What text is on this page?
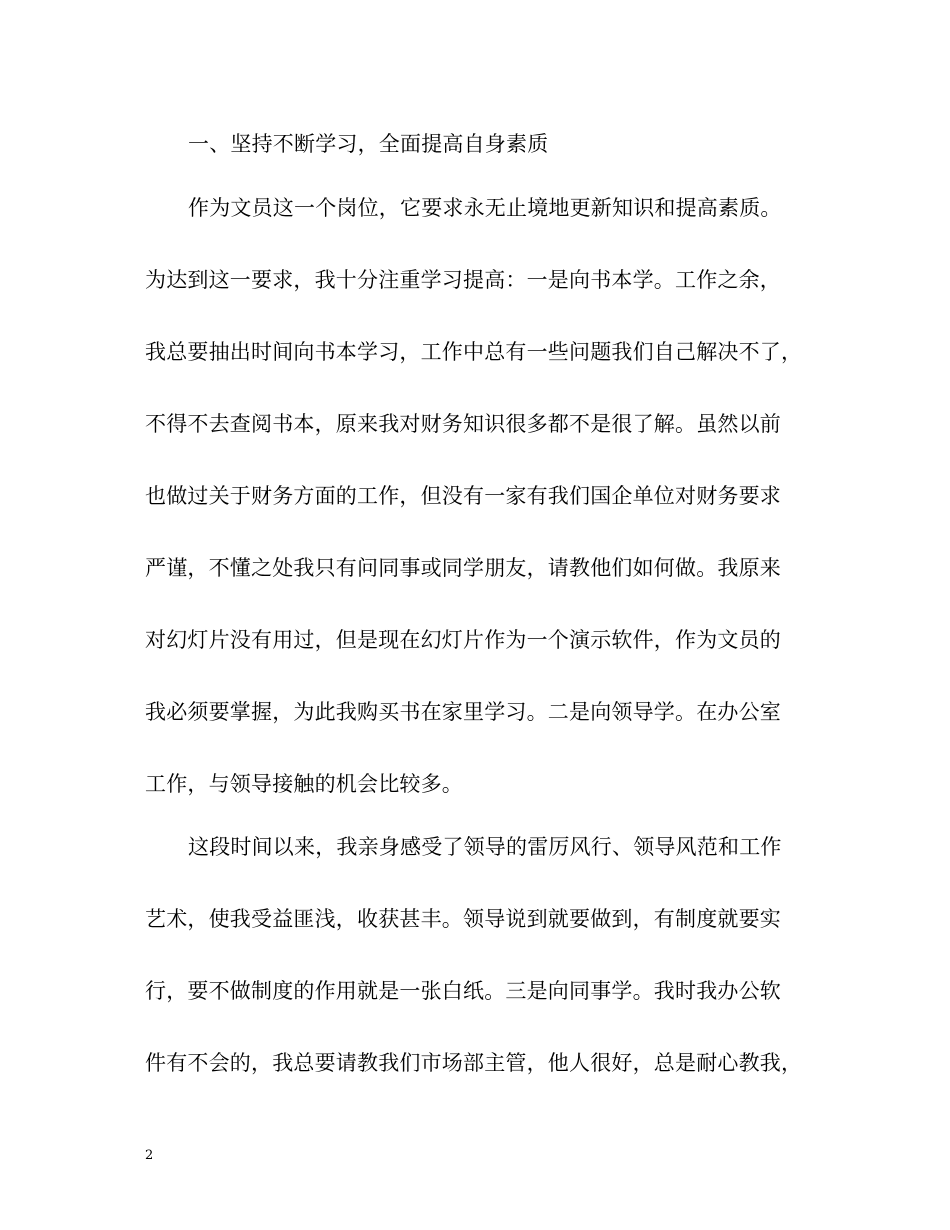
一、坚持不断学习，全面提高自身素质
作为文员这一个岗位，它要求永无止境地更新知识和提高素质。
为达到这一要求，我十分注重学习提高：一是向书本学。工作之余，
我总要抽出时间向书本学习，工作中总有一些问题我们自己解决不了，
不得不去查阅书本，原来我对财务知识很多都不是很了解。虽然以前
也做过关于财务方面的工作，但没有一家有我们国企单位对财务要求
严谨，不懂之处我只有问同事或同学朋友，请教他们如何做。我原来
对幻灯片没有用过，但是现在幻灯片作为一个演示软件，作为文员的
我必须要掌握，为此我购买书在家里学习。二是向领导学。在办公室
工作，与领导接触的机会比较多。
这段时间以来，我亲身感受了领导的雷厉风行、领导风范和工作
艺术，使我受益匪浅，收获甚丰。领导说到就要做到，有制度就要实
行，要不做制度的作用就是一张白纸。三是向同事学。我时我办公软
件有不会的，我总要请教我们市场部主管，他人很好，总是耐心教我，
2
